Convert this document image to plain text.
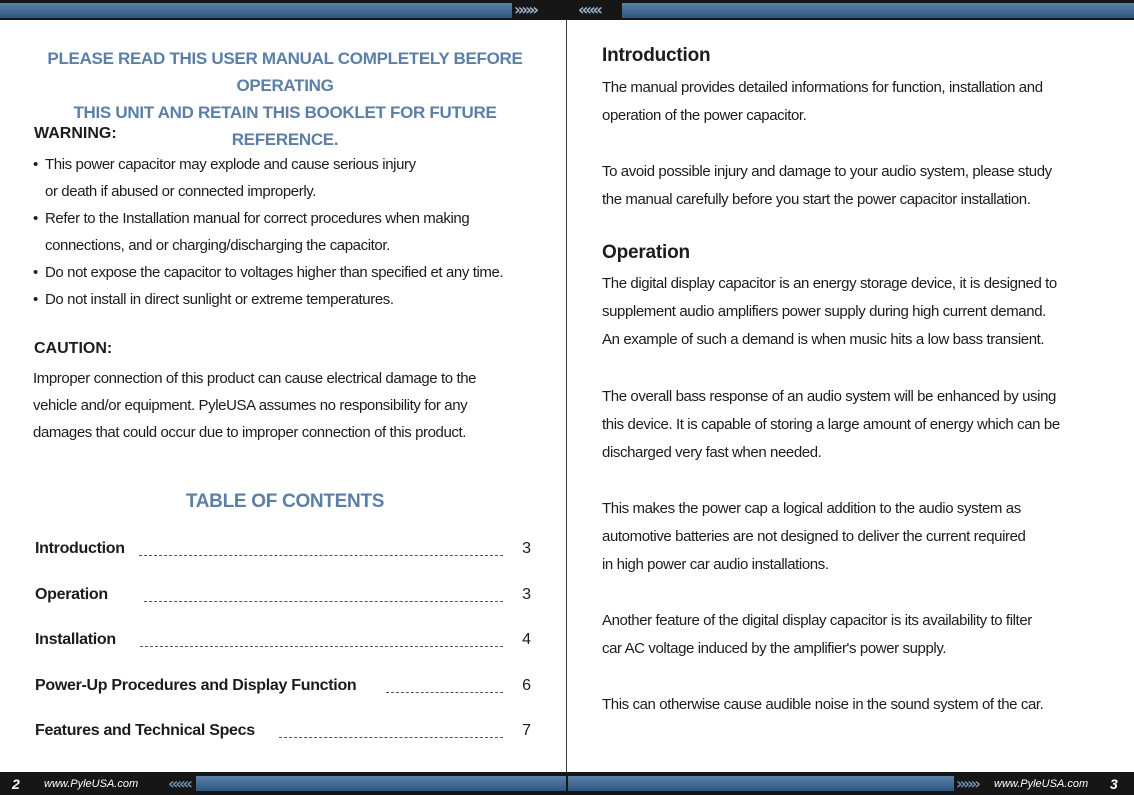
»»»	«««
PLEASE READ THIS USER MANUAL COMPLETELY BEFORE OPERATING
THIS UNIT AND RETAIN THIS BOOKLET FOR FUTURE REFERENCE.
WARNING:
• This power capacitor may explode and cause serious injury
or death if abused or connected improperly.
• Refer to the Installation manual for correct procedures when making
connections, and or charging/discharging the capacitor.
• Do not expose the capacitor to voltages higher than specified et any time.
• Do not install in direct sunlight or extreme temperatures.
CAUTION:
Improper connection of this product can cause electrical damage to the
vehicle and/or equipment. PyleUSA assumes no responsibility for any
damages that could occur due to improper connection of this product.
TABLE OF CONTENTS
Introduction	3
Operation	3
Installation	4
Power-Up Procedures and Display Function	6
Features and Technical Specs	7
Introduction
The manual provides detailed informations for function, installation and
operation of the power capacitor.
To avoid possible injury and damage to your audio system, please study
the manual carefully before you start the power capacitor installation.
Operation
The digital display capacitor is an energy storage device, it is designed to
supplement audio amplifiers power supply during high current demand.
An example of such a demand is when music hits a low bass transient.
The overall bass response of an audio system will be enhanced by using
this device. It is capable of storing a large amount of energy which can be
discharged very fast when needed.
This makes the power cap a logical addition to the audio system as
automotive batteries are not designed to deliver the current required
in high power car audio installations.
Another feature of the digital display capacitor is its availability to filter
car AC voltage induced by the amplifier's power supply.
This can otherwise cause audible noise in the sound system of the car.
«««	»»»
2 www.PyleUSA.com	www.PyleUSA.com 3
